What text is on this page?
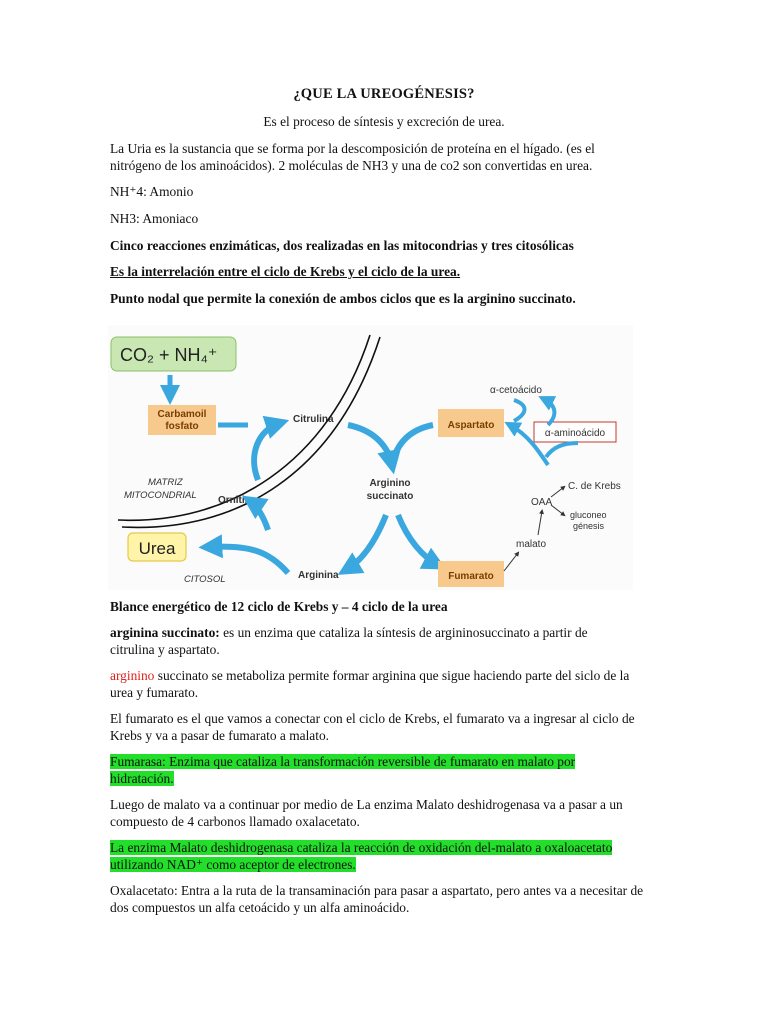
¿QUE LA UREOGÉNESIS?
Es el proceso de síntesis y excreción de urea.
La Uria es la sustancia que se forma por la descomposición de proteína en el hígado. (es el nitrógeno de los aminoácidos). 2 moléculas de NH3 y una de co2 son convertidas en urea.
NH⁺4: Amonio
NH3: Amoniaco
Cinco reacciones enzimáticas, dos realizadas en las mitocondrias y tres citosólicas
Es la interrelación entre el ciclo de Krebs y el ciclo de la urea.
Punto nodal que permite la conexión de ambos ciclos que es la arginino succinato.
CO₂ + NH₄⁺
Carbamoil
fosfato
Citrulina
MATRIZ
MITOCONDRIAL Ornitina
CITOSOL
Urea
Arginina
Arginino
succinato
Aspartato
Fumarato
α-cetoácido
α-aminoácido
OAA
C. de Krebs
gluconeo
génesis
malato
Blance energético de 12 ciclo de Krebs y – 4 ciclo de la urea
arginina succinato: es un enzima que cataliza la síntesis de argininosuccinato a partir de citrulina y aspartato.
arginino succinato se metaboliza permite formar arginina que sigue haciendo parte del siclo de la urea y fumarato.
El fumarato es el que vamos a conectar con el ciclo de Krebs, el fumarato va a ingresar al ciclo de Krebs y va a pasar de fumarato a malato.
Fumarasa: Enzima que cataliza la transformación reversible de fumarato en malato por hidratación.
Luego de malato va a continuar por medio de La enzima Malato deshidrogenasa va a pasar a un compuesto de 4 carbonos llamado oxalacetato.
La enzima Malato deshidrogenasa cataliza la reacción de oxidación del-malato a oxaloacetato utilizando NAD⁺ como aceptor de electrones.
Oxalacetato: Entra a la ruta de la transaminación para pasar a aspartato, pero antes va a necesitar de dos compuestos un alfa cetoácido y un alfa aminoácido.
